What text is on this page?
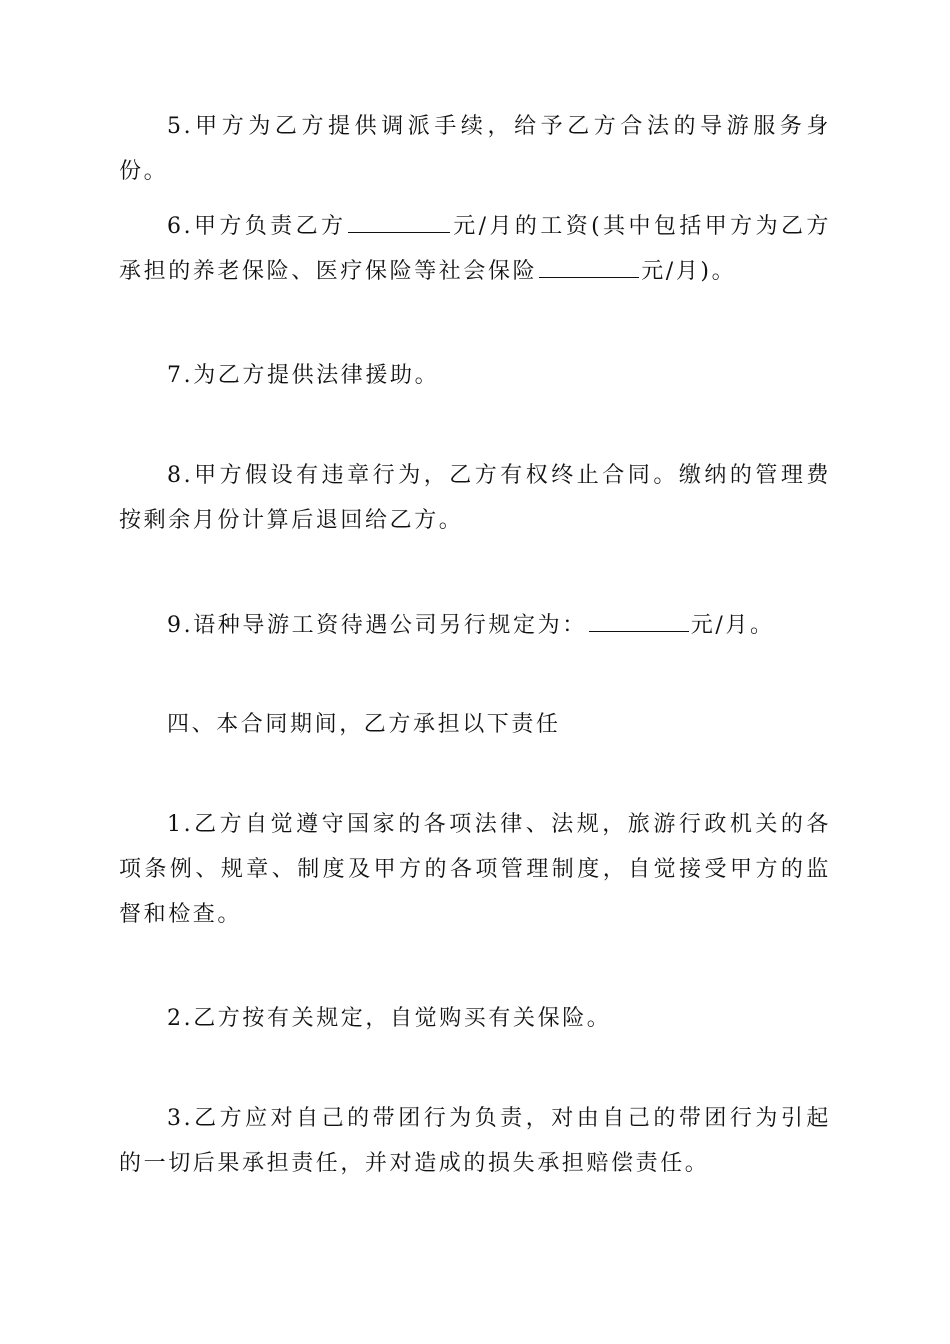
5.甲方为乙方提供调派手续，给予乙方合法的导游服务身份。

6.甲方负责乙方	元/月的工资(其中包括甲方为乙方承担的养老保险、医疗保险等社会保险	元/月)。

7.为乙方提供法律援助。

8.甲方假设有违章行为，乙方有权终止合同。缴纳的管理费按剩余月份计算后退回给乙方。

9.语种导游工资待遇公司另行规定为：	元/月。

四、本合同期间，乙方承担以下责任

1.乙方自觉遵守国家的各项法律、法规，旅游行政机关的各项条例、规章、制度及甲方的各项管理制度，自觉接受甲方的监督和检查。

2.乙方按有关规定，自觉购买有关保险。

3.乙方应对自己的带团行为负责，对由自己的带团行为引起的一切后果承担责任，并对造成的损失承担赔偿责任。
